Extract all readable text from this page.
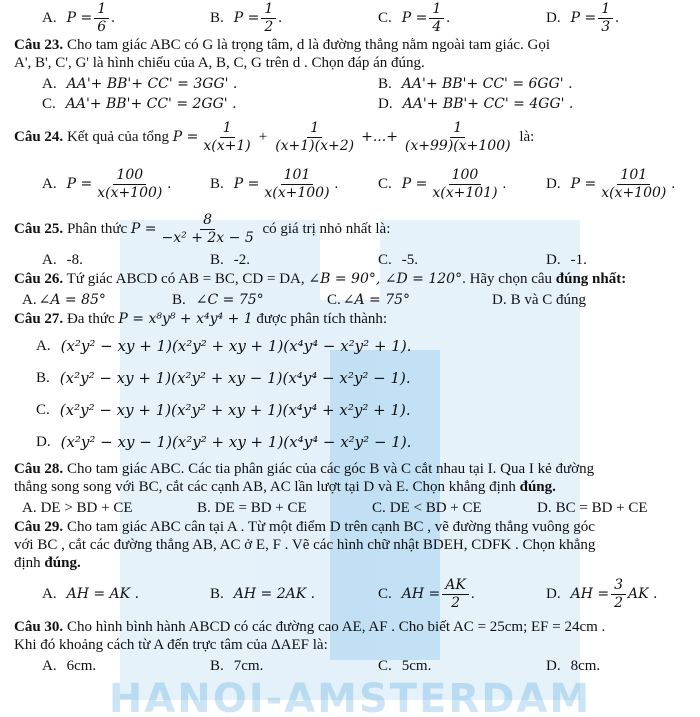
HANOI-AMSTERDAM
A. $P = \frac{1}{6}$ .	B. $P = \frac{1}{2}$ .	C. $P = \frac{1}{4}$ .	D. $P = \frac{1}{3}$ .
Câu 23. Cho tam giác ABC có G là trọng tâm, d là đường thẳng nằm ngoài tam giác. Gọi
A', B', C', G' là hình chiếu của A, B, C, G trên d . Chọn đáp án đúng.
A. AA'+ BB'+ CC' = 3GG' .	B. AA'+ BB'+ CC' = 6GG' .
C. AA'+ BB'+ CC' = 2GG' .	D. AA'+ BB'+ CC' = 4GG' .
Câu 24. Kết quả của tổng $P = \frac{1}{x(x+1)} + \frac{1}{(x+1)(x+2)}$ +...+ $\frac{1}{(x+99)(x+100)}$ là:
A. $P = \frac{100}{x(x+100)}$ .	B. $P = \frac{101}{x(x+100)}$ .	C. $P = \frac{100}{x(x+101)}$ .	D. $P = \frac{101}{x(x+100)}$ .
Câu 25. Phân thức $P = \frac{8}{\text{−x² + 2x − 5}}$ có giá trị nhỏ nhất là:
A. -8.	B. -2.	C. -5.	D. -1.
Câu 26. Tứ giác ABCD có AB = BC, CD = DA, ∠B = 90°, ∠D = 120°. Hãy chọn câu đúng nhất:
A. ∠A = 85°	B. ∠C = 75°	C. ∠A = 75°	D. B và C đúng
Câu 27. Đa thức P = x⁸y⁸ + x⁴y⁴ + 1 được phân tích thành:
A. (x²y² − xy + 1)(x²y² + xy + 1)(x⁴y⁴ − x²y² + 1).
B. (x²y² − xy + 1)(x²y² + xy − 1)(x⁴y⁴ − x²y² − 1).
C. (x²y² − xy + 1)(x²y² + xy + 1)(x⁴y⁴ + x²y² + 1).
D. (x²y² − xy − 1)(x²y² + xy + 1)(x⁴y⁴ − x²y² − 1).
Câu 28. Cho tam giác ABC. Các tia phân giác của các góc B và C cắt nhau tại I. Qua I kẻ đường
thẳng song song với BC, cắt các cạnh AB, AC lần lượt tại D và E. Chọn khẳng định đúng.
A. DE > BD + CE	B. DE = BD + CE	C. DE < BD + CE	D. BC = BD + CE
Câu 29. Cho tam giác ABC cân tại A . Từ một điểm D trên cạnh BC , vẽ đường thẳng vuông góc
với BC , cắt các đường thẳng AB, AC ở E, F . Vẽ các hình chữ nhật BDEH, CDFK . Chọn khẳng
định đúng.
A. AH = AK .	B. AH = 2AK .	C. AH = $\frac{AK}{2}$ .	D. AH = $\frac{3}{2}$ AK .
Câu 30. Cho hình bình hành ABCD có các đường cao AE, AF . Cho biết AC = 25cm; EF = 24cm .
Khi đó khoảng cách từ A đến trực tâm của ΔAEF là:
A. 6cm.	B. 7cm.	C. 5cm.	D. 8cm.
